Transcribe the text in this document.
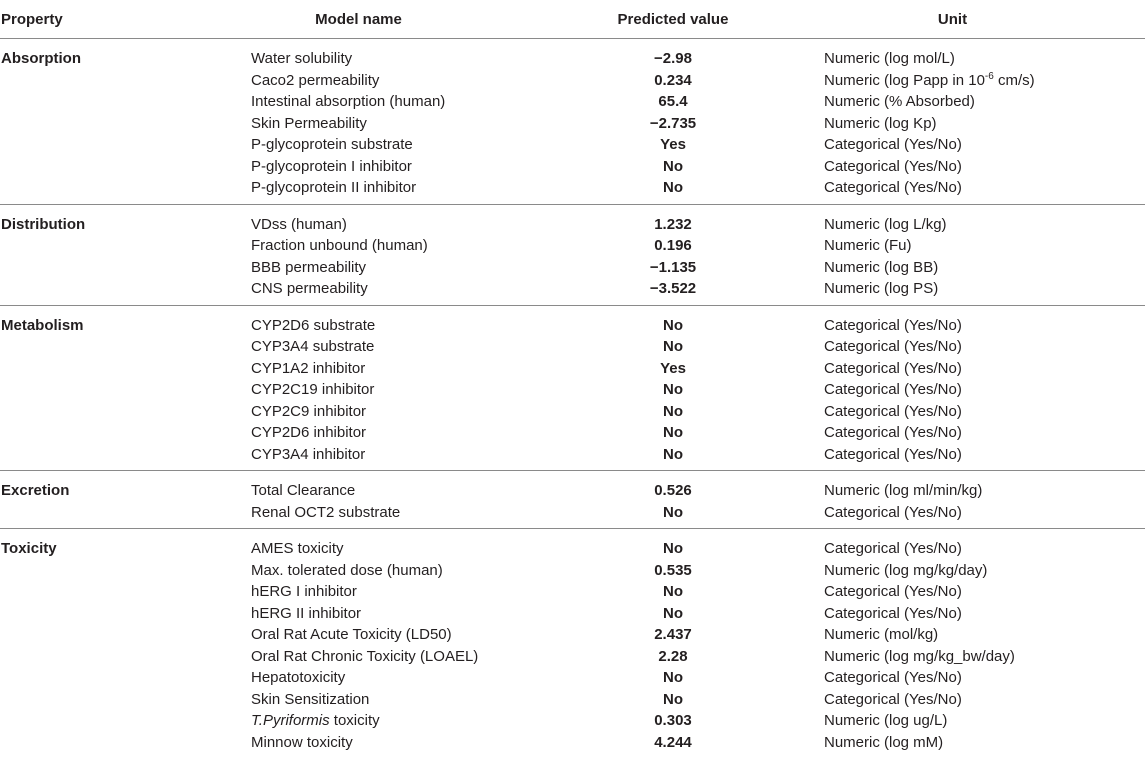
Property	Model name	Predicted value	Unit
Absorption	Water solubility	−2.98	Numeric (log mol/L)
	Caco2 permeability	0.234	Numeric (log Papp in $10^{-6}$ cm/s)
	Intestinal absorption (human)	65.4	Numeric (% Absorbed)
	Skin Permeability	−2.735	Numeric (log Kp)
	P-glycoprotein substrate	Yes	Categorical (Yes/No)
	P-glycoprotein I inhibitor	No	Categorical (Yes/No)
	P-glycoprotein II inhibitor	No	Categorical (Yes/No)
Distribution	VDss (human)	1.232	Numeric (log L/kg)
	Fraction unbound (human)	0.196	Numeric (Fu)
	BBB permeability	−1.135	Numeric (log BB)
	CNS permeability	−3.522	Numeric (log PS)
Metabolism	CYP2D6 substrate	No	Categorical (Yes/No)
	CYP3A4 substrate	No	Categorical (Yes/No)
	CYP1A2 inhibitor	Yes	Categorical (Yes/No)
	CYP2C19 inhibitor	No	Categorical (Yes/No)
	CYP2C9 inhibitor	No	Categorical (Yes/No)
	CYP2D6 inhibitor	No	Categorical (Yes/No)
	CYP3A4 inhibitor	No	Categorical (Yes/No)
Excretion	Total Clearance	0.526	Numeric (log ml/min/kg)
	Renal OCT2 substrate	No	Categorical (Yes/No)
Toxicity	AMES toxicity	No	Categorical (Yes/No)
	Max. tolerated dose (human)	0.535	Numeric (log mg/kg/day)
	hERG I inhibitor	No	Categorical (Yes/No)
	hERG II inhibitor	No	Categorical (Yes/No)
	Oral Rat Acute Toxicity (LD50)	2.437	Numeric (mol/kg)
	Oral Rat Chronic Toxicity (LOAEL)	2.28	Numeric (log mg/kg_bw/day)
	Hepatotoxicity	No	Categorical (Yes/No)
	Skin Sensitization	No	Categorical (Yes/No)
	T.Pyriformis toxicity	0.303	Numeric (log ug/L)
	Minnow toxicity	4.244	Numeric (log mM)
